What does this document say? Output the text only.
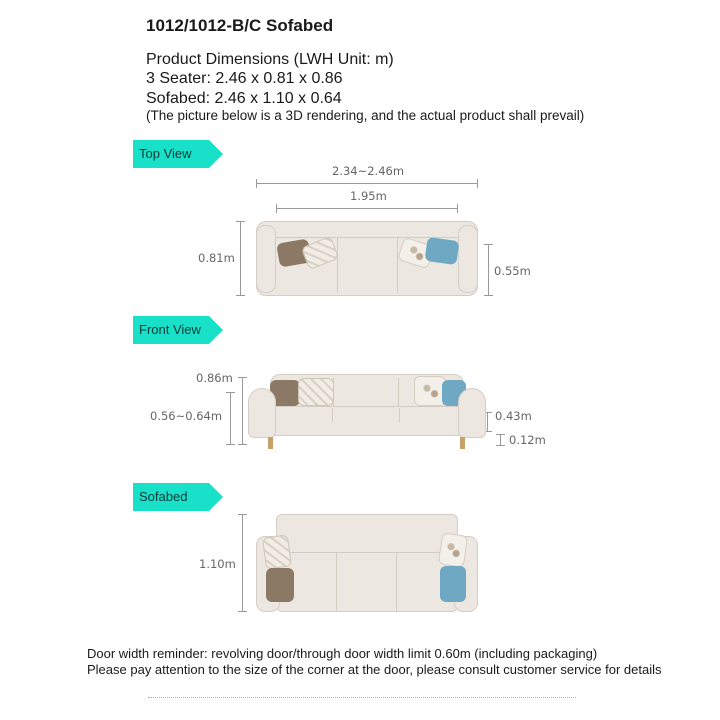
1012/1012-B/C Sofabed
Product Dimensions (LWH Unit: m)
3 Seater: 2.46 x 0.81 x 0.86
Sofabed: 2.46 x 1.10 x 0.64
(The picture below is a 3D rendering, and the actual product shall prevail)
Top View
2.34~2.46m
1.95m
0.81m
0.55m
Front View
0.86m
0.56~0.64m	0.43m
0.12m
Sofabed
1.10m
Door width reminder: revolving door/through door width limit 0.60m (including packaging)
Please pay attention to the size of the corner at the door, please consult customer service for details
